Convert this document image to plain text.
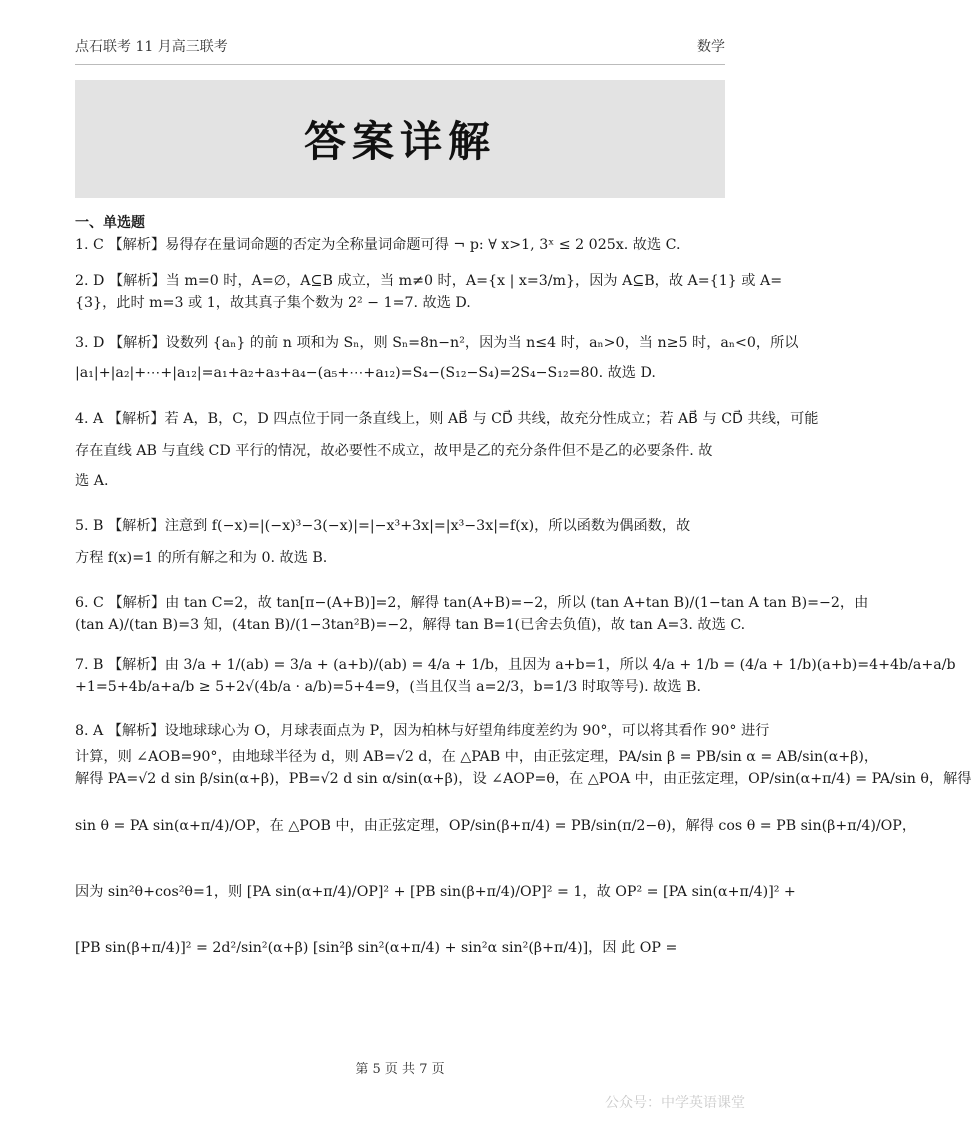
点石联考 11 月高三联考	数学
答案详解
一、单选题
1. C 【解析】易得存在量词命题的否定为全称量词命题可得 ¬ p: ∀ x>1, 3ˣ ≤ 2 025x. 故选 C.
2. D 【解析】当 m=0 时，A=∅，A⊆B 成立，当 m≠0 时，A={x | x=3/m}，因为 A⊆B，故 A={1} 或 A=
{3}，此时 m=3 或 1，故其真子集个数为 2² − 1=7. 故选 D.
3. D 【解析】设数列 {aₙ} 的前 n 项和为 Sₙ，则 Sₙ=8n−n²，因为当 n≤4 时，aₙ>0，当 n≥5 时，aₙ<0，所以
|a₁|+|a₂|+⋯+|a₁₂|=a₁+a₂+a₃+a₄−(a₅+⋯+a₁₂)=S₄−(S₁₂−S₄)=2S₄−S₁₂=80. 故选 D.
4. A 【解析】若 A，B，C，D 四点位于同一条直线上，则 AB⃗ 与 CD⃗ 共线，故充分性成立；若 AB⃗ 与 CD⃗ 共线，可能
存在直线 AB 与直线 CD 平行的情况，故必要性不成立，故甲是乙的充分条件但不是乙的必要条件. 故
选 A.
5. B 【解析】注意到 f(−x)=|(−x)³−3(−x)|=|−x³+3x|=|x³−3x|=f(x)，所以函数为偶函数，故
方程 f(x)=1 的所有解之和为 0. 故选 B.
6. C 【解析】由 tan C=2，故 tan[π−(A+B)]=2，解得 tan(A+B)=−2，所以 (tan A+tan B)/(1−tan A tan B)=−2，由
(tan A)/(tan B)=3 知，(4tan B)/(1−3tan²B)=−2，解得 tan B=1(已舍去负值)，故 tan A=3. 故选 C.
7. B 【解析】由 3/a + 1/(ab) = 3/a + (a+b)/(ab) = 4/a + 1/b，且因为 a+b=1，所以 4/a + 1/b = (4/a + 1/b)(a+b)=4+4b/a+a/b
+1=5+4b/a+a/b ≥ 5+2√(4b/a · a/b)=5+4=9，(当且仅当 a=2/3，b=1/3 时取等号). 故选 B.
8. A 【解析】设地球球心为 O，月球表面点为 P，因为柏林与好望角纬度差约为 90°，可以将其看作 90° 进行
计算，则 ∠AOB=90°，由地球半径为 d，则 AB=√2 d，在 △PAB 中，由正弦定理，PA/sin β = PB/sin α = AB/sin(α+β)，
解得 PA=√2 d sin β/sin(α+β)，PB=√2 d sin α/sin(α+β)，设 ∠AOP=θ，在 △POA 中，由正弦定理，OP/sin(α+π/4) = PA/sin θ，解得
sin θ = PA sin(α+π/4)/OP，在 △POB 中，由正弦定理，OP/sin(β+π/4) = PB/sin(π/2−θ)，解得 cos θ = PB sin(β+π/4)/OP，
因为 sin²θ+cos²θ=1，则 [PA sin(α+π/4)/OP]² + [PB sin(β+π/4)/OP]² = 1，故 OP² = [PA sin(α+π/4)]² +
[PB sin(β+π/4)]² = 2d²/sin²(α+β) [sin²β sin²(α+π/4) + sin²α sin²(β+π/4)]，因 此 OP =
第 5 页 共 7 页
公众号：中学英语课堂
